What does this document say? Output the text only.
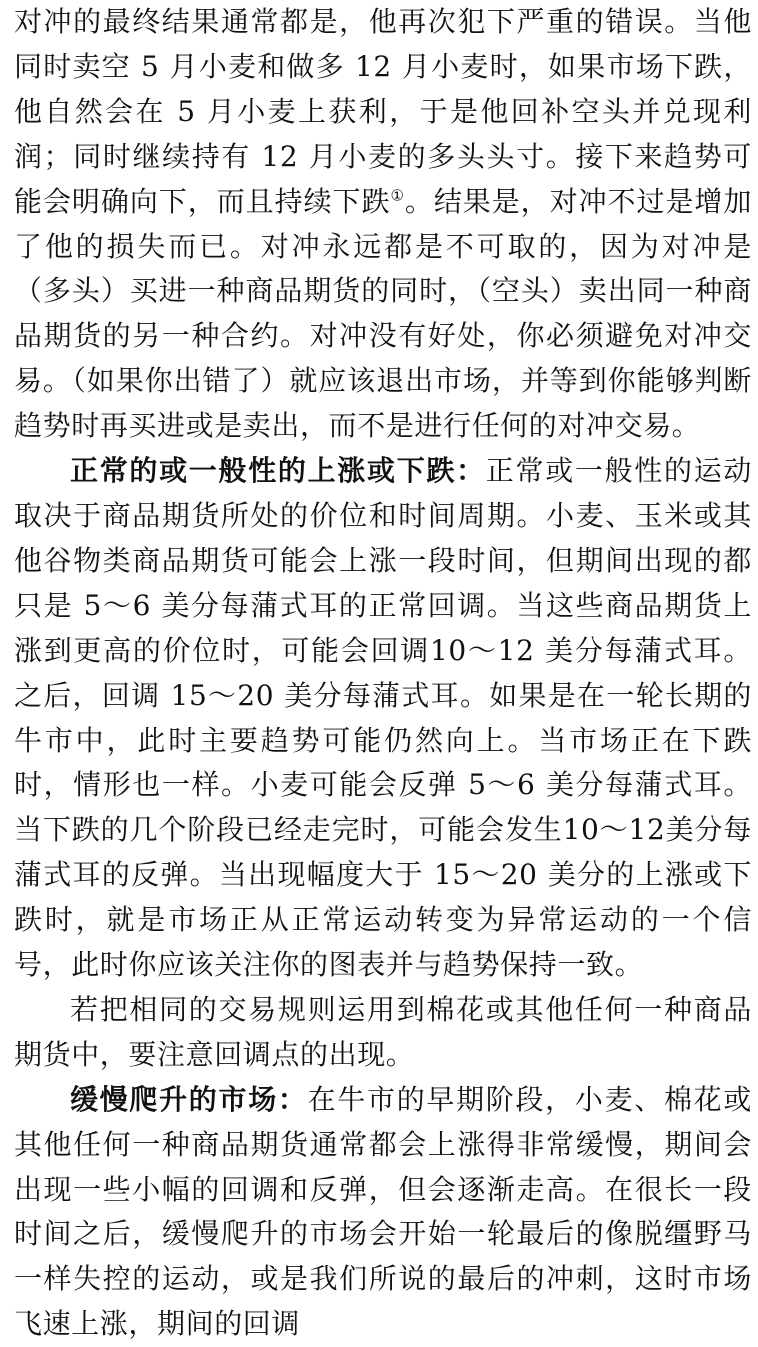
对冲的最终结果通常都是，他再次犯下严重的错误。当他同时卖空 5 月小麦和做多 12 月小麦时，如果市场下跌，他自然会在 5 月小麦上获利，于是他回补空头并兑现利润；同时继续持有 12 月小麦的多头头寸。接下来趋势可能会明确向下，而且持续下跌①。结果是，对冲不过是增加了他的损失而已。对冲永远都是不可取的，因为对冲是（多头）买进一种商品期货的同时，（空头）卖出同一种商品期货的另一种合约。对冲没有好处，你必须避免对冲交易。（如果你出错了）就应该退出市场，并等到你能够判断趋势时再买进或是卖出，而不是进行任何的对冲交易。

正常的或一般性的上涨或下跌：正常或一般性的运动取决于商品期货所处的价位和时间周期。小麦、玉米或其他谷物类商品期货可能会上涨一段时间，但期间出现的都只是 5～6 美分每蒲式耳的正常回调。当这些商品期货上涨到更高的价位时，可能会回调10～12 美分每蒲式耳。之后，回调 15～20 美分每蒲式耳。如果是在一轮长期的牛市中，此时主要趋势可能仍然向上。当市场正在下跌时，情形也一样。小麦可能会反弹 5～6 美分每蒲式耳。当下跌的几个阶段已经走完时，可能会发生10～12美分每蒲式耳的反弹。当出现幅度大于 15～20 美分的上涨或下跌时，就是市场正从正常运动转变为异常运动的一个信号，此时你应该关注你的图表并与趋势保持一致。

若把相同的交易规则运用到棉花或其他任何一种商品期货中，要注意回调点的出现。

缓慢爬升的市场：在牛市的早期阶段，小麦、棉花或其他任何一种商品期货通常都会上涨得非常缓慢，期间会出现一些小幅的回调和反弹，但会逐渐走高。在很长一段时间之后，缓慢爬升的市场会开始一轮最后的像脱缰野马一样失控的运动，或是我们所说的最后的冲刺，这时市场飞速上涨，期间的回调
